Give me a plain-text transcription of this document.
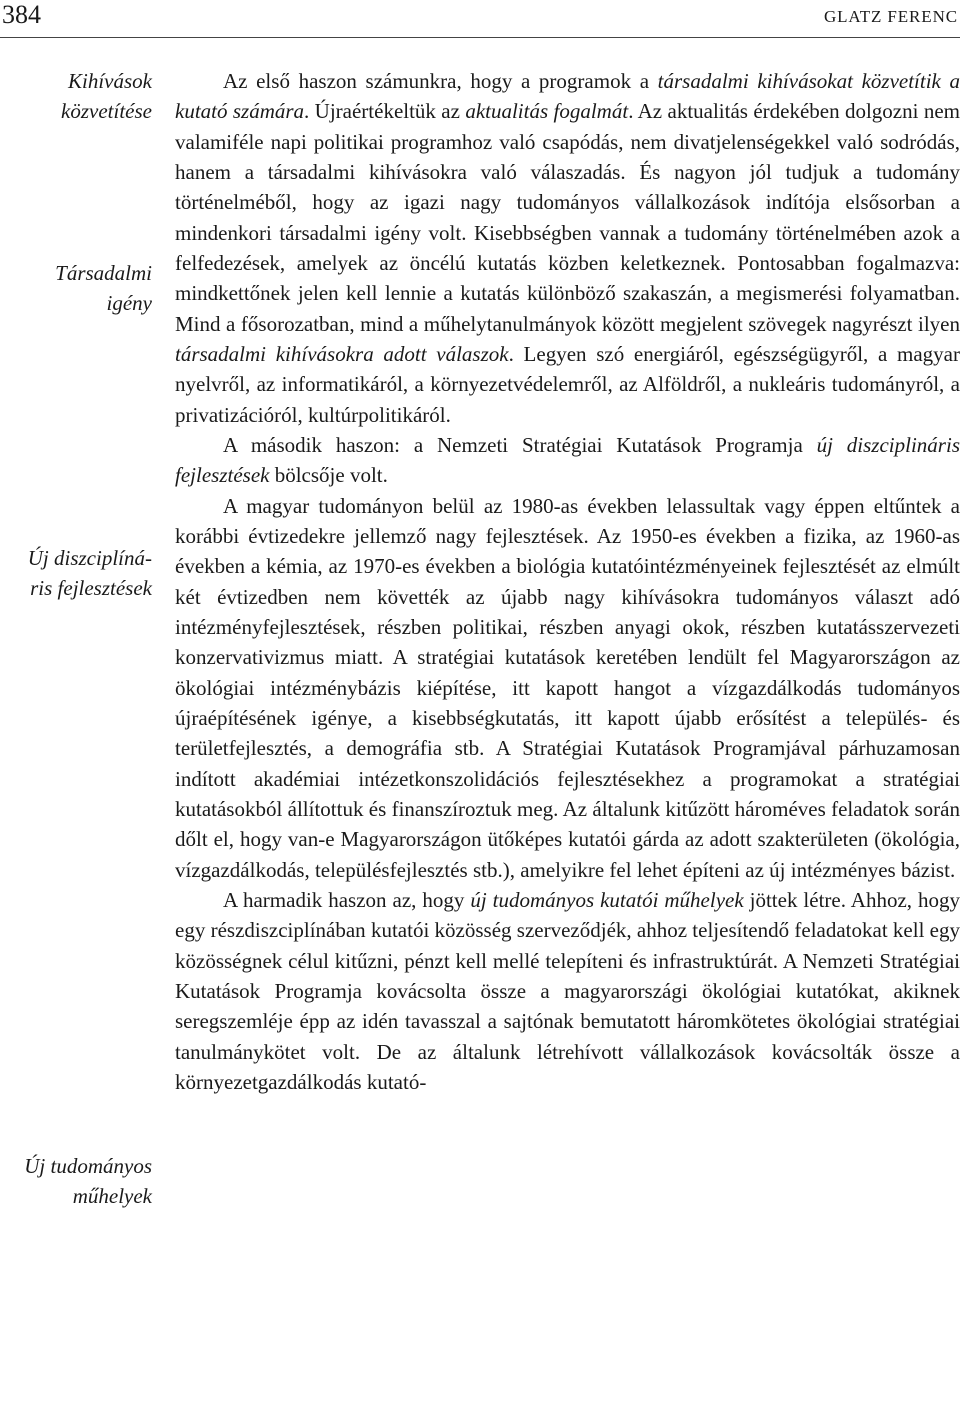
384	GLATZ FERENC
Kihívások
közvetítése
Társadalmi
igény
Új diszciplíná-
ris fejlesztések
Új tudományos
műhelyek

Az első haszon számunkra, hogy a programok a társadalmi kihívásokat közvetítik a kutató számára. Újraértékeltük az aktualitás fogalmát. Az aktualitás érdekében dolgozni nem valamiféle napi politikai programhoz való csapódás, nem divatjelenségekkel való sodródás, hanem a társadalmi kihívásokra való válaszadás. És nagyon jól tudjuk a tudomány történelméből, hogy az igazi nagy tudományos vállalkozások indítója elsősorban a mindenkori társadalmi igény volt. Kisebbségben vannak a tudomány történelmében azok a felfedezések, amelyek az öncélú kutatás közben keletkeznek. Pontosabban fogalmazva: mindkettőnek jelen kell lennie a kutatás különböző szakaszán, a megismerési folyamatban. Mind a fősorozatban, mind a műhelytanulmányok között megjelent szövegek nagyrészt ilyen társadalmi kihívásokra adott válaszok. Legyen szó energiáról, egészségügyről, a magyar nyelvről, az informatikáról, a környezetvédelemről, az Alföldről, a nukleáris tudományról, a privatizációról, kultúrpolitikáról.

A második haszon: a Nemzeti Stratégiai Kutatások Programja új diszciplináris fejlesztések bölcsője volt.

A magyar tudományon belül az 1980-as években lelassultak vagy éppen eltűntek a korábbi évtizedekre jellemző nagy fejlesztések. Az 1950-es években a fizika, az 1960-as években a kémia, az 1970-es években a biológia kutatóintézményeinek fejlesztését az elmúlt két évtizedben nem követték az újabb nagy kihívásokra tudományos választ adó intézményfejlesztések, részben politikai, részben anyagi okok, részben kutatásszervezeti konzervativizmus miatt. A stratégiai kutatások keretében lendült fel Magyarországon az ökológiai intézménybázis kiépítése, itt kapott hangot a vízgazdálkodás tudományos újraépítésének igénye, a kisebbségkutatás, itt kapott újabb erősítést a település- és területfejlesztés, a demográfia stb. A Stratégiai Kutatások Programjával párhuzamosan indított akadémiai intézetkonszolidációs fejlesztésekhez a programokat a stratégiai kutatásokból állítottuk és finanszíroztuk meg. Az általunk kitűzött hároméves feladatok során dőlt el, hogy van-e Magyarországon ütőképes kutatói gárda az adott szakterületen (ökológia, vízgazdálkodás, településfejlesztés stb.), amelyikre fel lehet építeni az új intézményes bázist.

A harmadik haszon az, hogy új tudományos kutatói műhelyek jöttek létre. Ahhoz, hogy egy részdiszciplínában kutatói közösség szerveződjék, ahhoz teljesítendő feladatokat kell egy közösségnek célul kitűzni, pénzt kell mellé telepíteni és infrastruktúrát. A Nemzeti Stratégiai Kutatások Programja kovácsolta össze a magyarországi ökológiai kutatókat, akiknek seregszemléje épp az idén tavasszal a sajtónak bemutatott háromkötetes ökológiai stratégiai tanulmánykötet volt. De az általunk létrehívott vállalkozások kovácsolták össze a környezetgazdálkodás kutató-
